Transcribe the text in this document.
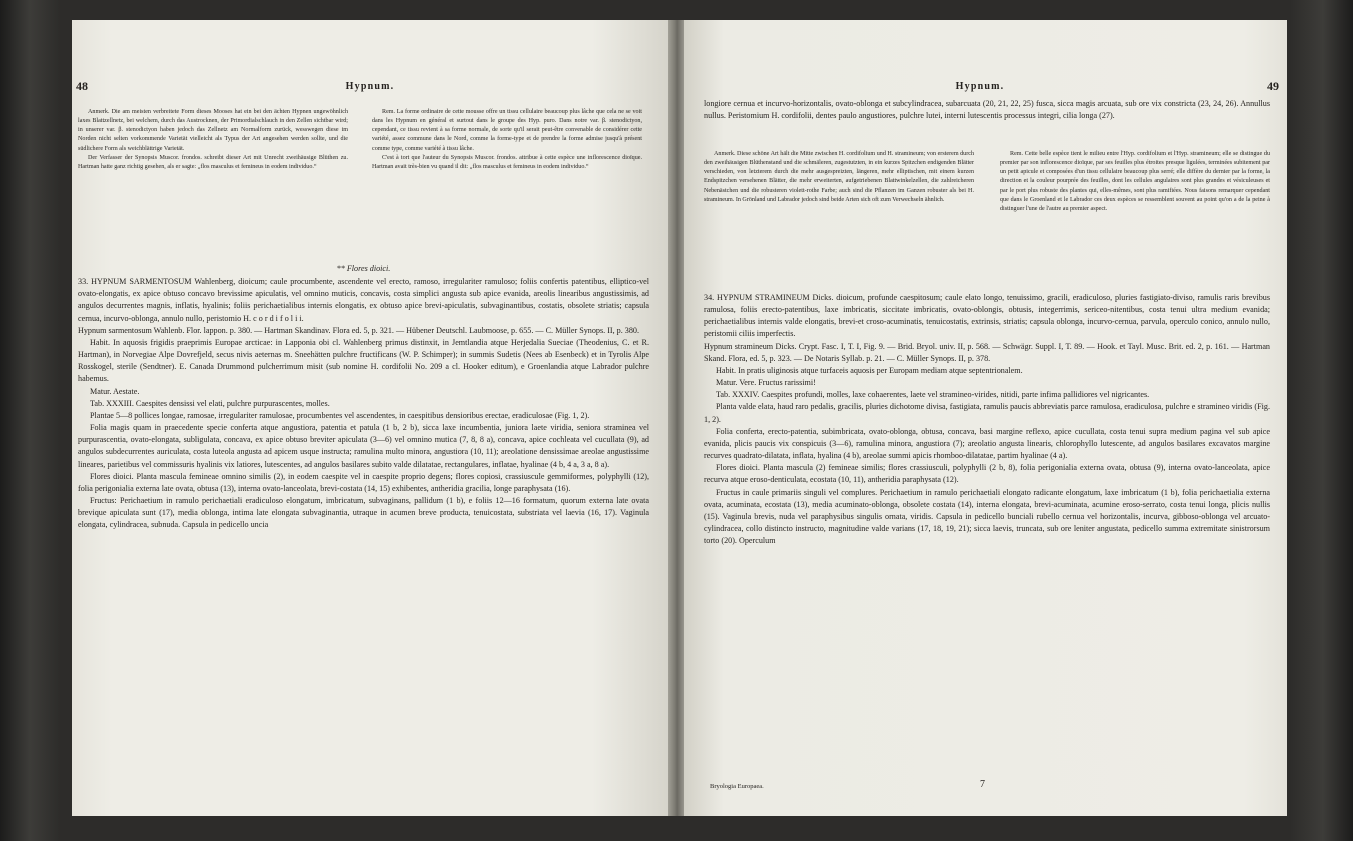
48	Hypnum.

Anmerk. Die am meisten verbreitete Form dieses Mooses hat ein bei den ächten Hypnen ungewöhnlich laxes Blattzellnetz, bei welchem, durch das Austrocknen, der Primordialschlauch in den Zellen sichtbar wird; in unserer var. β. stenodictyon haben jedoch das Zellnetz am Normalform zurück, wesswegen diese im Norden nicht selten vorkommende Varietät vielleicht als Typus der Art angesehen werden sollte, und die südlichere Form als weichblättrige Varietät.

Der Verfasser der Synopsis Muscor. frondos. schreibt dieser Art mit Unrecht zweihäusige Blüthen zu. Hartman hatte ganz richtig gesehen, als er sagte: „flos masculus et femineus in eodem individuo.“

Rem. La forme ordinaire de cette mousse offre un tissu cellulaire beaucoup plus lâche que cela ne se voit dans les Hypnum en général et surtout dans le groupe des Hyp. puro. Dans notre var. β. stenodictyon, cependant, ce tissu revient à sa forme normale, de sorte qu'il serait peut-être convenable de considérer cette variété, assez commune dans le Nord, comme la forme-type et de prendre la forme admise jusqu'à présent comme type, comme variété à tissu lâche.

C'est à tort que l'auteur du Synopsis Muscor. frondos. attribue à cette espèce une inflorescence dioïque. Hartman avait très-bien vu quand il dit: „flos masculus et femineus in eodem individuo.“

** Flores dioici.

33. HYPNUM SARMENTOSUM Wahlenberg, dioicum; caule procumbente, ascendente vel erecto, ramoso, irregulariter ramuloso; foliis confertis patentibus, elliptico-vel ovato-elongatis, ex apice obtuso concavo brevissime apiculatis, vel omnino muticis, concavis, costa simplici angusta sub apice evanida, areolis linearibus angustissimis, ad angulos decurrentes magnis, inflatis, hyalinis; foliis perichaetialibus internis elongatis, ex obtuso apice brevi-apiculatis, subvaginantibus, costatis, obsolete striatis; capsula cernua, incurvo-oblonga, annulo nullo, peristomio H. c o r d i f o l i i.

Hypnum sarmentosum Wahlenb. Flor. lappon. p. 380. — Hartman Skandinav. Flora ed. 5, p. 321. — Hübener Deutschl. Laubmoose, p. 655. — C. Müller Synops. II, p. 380.

Habit. In aquosis frigidis praeprimis Europae arcticae: in Lapponia obi cl. Wahlenberg primus distinxit, in Jemtlandia atque Herjedalia Sueciae (Theodenius, C. et R. Hartman), in Norvegiae Alpe Dovrefjeld, secus nivis aeternas m. Sneehätten pulchre fructificans (W. P. Schimper); in summis Sudetis (Nees ab Esenbeck) et in Tyrolis Alpe Rosskogel, sterile (Sendtner). E. Canada Drummond pulcherrimum misit (sub nomine H. cordifolii No. 209 a cl. Hooker editum), e Groenlandia atque Labrador pulchre habemus.

Matur. Aestate.

Tab. XXXIII. Caespites densissi vel elati, pulchre purpurascentes, molles.

Plantae 5—8 pollices longae, ramosae, irregulariter ramulosae, procumbentes vel ascendentes, in caespitibus densioribus erectae, eradiculosae (Fig. 1, 2).

Folia magis quam in praecedente specie conferta atque angustiora, patentia et patula (1 b, 2 b), sicca laxe incumbentia, juniora laete viridia, seniora straminea vel purpurascentia, ovato-elongata, subligulata, concava, ex apice obtuso breviter apiculata (3—6) vel omnino mutica (7, 8, 8 a), concava, apice cochleata vel cucullata (9), ad angulos subdecurrentes auriculata, costa luteola angusta ad apicem usque instructa; ramulina multo minora, angustiora (10, 11); areolatione densissimae areolae angustissime lineares, parietibus vel commissuris hyalinis vix latiores, lutescentes, ad angulos basilares subito valde dilatatae, rectangulares, inflatae, hyalinae (4 b, 4 a, 3 a, 8 a).

Flores dioici. Planta mascula femineae omnino similis (2), in eodem caespite vel in caespite proprio degens; flores copiosi, crassiuscule gemmiformes, polyphylli (12), folia perigonialia externa late ovata, obtusa (13), interna ovato-lanceolata, brevi-costata (14, 15) exhibentes, antheridia gracilia, longe paraphysata (16).

Fructus: Perichaetium in ramulo perichaetiali eradiculoso elongatum, imbricatum, subvaginans, pallidum (1 b), e foliis 12—16 formatum, quorum externa late ovata brevique apiculata sunt (17), media oblonga, intima late elongata subvaginantia, utraque in acumen breve producta, tenuicostata, substriata vel laevia (16, 17). Vaginula elongata, cylindracea, subnuda. Capsula in pedicello uncia

Hypnum.	49

longiore cernua et incurvo-horizontalis, ovato-oblonga et subcylindracea, subarcuata (20, 21, 22, 25) fusca, sicca magis arcuata, sub ore vix constricta (23, 24, 26). Annullus nullus. Peristomium H. cordifolii, dentes paulo angustiores, pulchre lutei, interni lutescentis processus integri, cilia longa (27).

Anmerk. Diese schöne Art hält die Mitte zwischen H. cordifolium und H. stramineum; von ersterem durch den zweihäusigen Blüthenstand und die schmäleren, zugestutzten, in ein kurzes Spitzchen endigenden Blätter verschieden, von letzterem durch die mehr ausgespreizten, längeren, mehr elliptischen, mit einem kurzen Endspitzchen versehenen Blätter, die mehr erweiterten, aufgetriebenen Blattwinkelzellen, die zahlreicheren Nebenästchen und die robusteren violett-rothe Farbe; auch sind die Pflanzen im Ganzen robuster als bei H. stramineum. In Grönland und Labrador jedoch sind beide Arten sich oft zum Verwechseln ähnlich.

Rem. Cette belle espèce tient le milieu entre l'Hyp. cordifolium et l'Hyp. stramineum; elle se distingue du premier par son inflorescence dioïque, par ses feuilles plus étroites presque ligulées, terminées subitement par un petit apicule et composées d'un tissu cellulaire beaucoup plus serré; elle diffère du dernier par la forme, la direction et la couleur pourprée des feuilles, dont les cellules angulaires sont plus grandes et vésiculeuses et par le port plus robuste des plantes qui, elles-mêmes, sont plus ramifiées. Nous faisons remarquer cependant que dans le Groenland et le Labrador ces deux espèces se ressemblent souvent au point qu'on a de la peine à distinguer l'une de l'autre au premier aspect.

34. HYPNUM STRAMINEUM Dicks. dioicum, profunde caespitosum; caule elato longo, tenuissimo, gracili, eradiculoso, pluries fastigiato-diviso, ramulis raris brevibus ramulosa, foliis erecto-patentibus, laxe imbricatis, siccitate imbricatis, ovato-oblongis, obtusis, integerrimis, sericeo-nitentibus, costa tenui ultra medium evanida; perichaetialibus internis valde elongatis, brevi-et croso-acuminatis, tenuicostatis, extrinsis, striatis; capsula oblonga, incurvo-cernua, parvula, operculo conico, annulo nullo, peristomii ciliis imperfectis.

Hypnum stramineum Dicks. Crypt. Fasc. I, T. I, Fig. 9. — Brid. Bryol. univ. II, p. 568. — Schwägr. Suppl. I, T. 89. — Hook. et Tayl. Musc. Brit. ed. 2, p. 161. — Hartman Skand. Flora, ed. 5, p. 323. — De Notaris Syllab. p. 21. — C. Müller Synops. II, p. 378.

Habit. In pratis uliginosis atque turfaceis aquosis per Europam mediam atque septentrionalem.

Matur. Vere. Fructus rarissimi!

Tab. XXXIV. Caespites profundi, molles, laxe cohaerentes, laete vel stramineo-virides, nitidi, parte infima pallidiores vel nigricantes.

Planta valde elata, haud raro pedalis, gracilis, pluries dichotome divisa, fastigiata, ramulis paucis abbreviatis parce ramulosa, eradiculosa, pulchre e stramineo viridis (Fig. 1, 2).

Folia conferta, erecto-patentia, subimbricata, ovato-oblonga, obtusa, concava, basi margine reflexo, apice cucullata, costa tenui supra medium pagina vel sub apice evanida, plicis paucis vix conspicuis (3—6), ramulina minora, angustiora (7); areolatio angusta linearis, chlorophyllo lutescente, ad angulos basilares excavatos margine recurves quadrato-dilatata, inflata, hyalina (4 b), areolae summi apicis rhomboo-dilatatae, partim hyalinae (4 a).

Flores dioici. Planta mascula (2) femineae similis; flores crassiusculi, polyphylli (2 b, 8), folia perigonialia externa ovata, obtusa (9), interna ovato-lanceolata, apice recurva atque eroso-denticulata, ecostata (10, 11), antheridia paraphysata (12).

Fructus in caule primariis singuli vel complures. Perichaetium in ramulo perichaetiali elongato radicante elongatum, laxe imbricatum (1 b), folia perichaetialia externa ovata, acuminata, ecostata (13), media acuminato-oblonga, obsolete costata (14), interna elongata, brevi-acuminata, acumine eroso-serrato, costa tenui longa, plicis nullis (15). Vaginula brevis, nuda vel paraphysibus singulis ornata, viridis. Capsula in pedicello bunciali rubello cernua vel horizontalis, incurva, gibboso-oblonga vel arcuato-cylindracea, collo distincto instructo, magnitudine valde varians (17, 18, 19, 21); sicca laevis, truncata, sub ore leniter angustata, pedicello summa extremitate sinistrorsum torto (20). Operculum

Bryologia Europaea.	7
